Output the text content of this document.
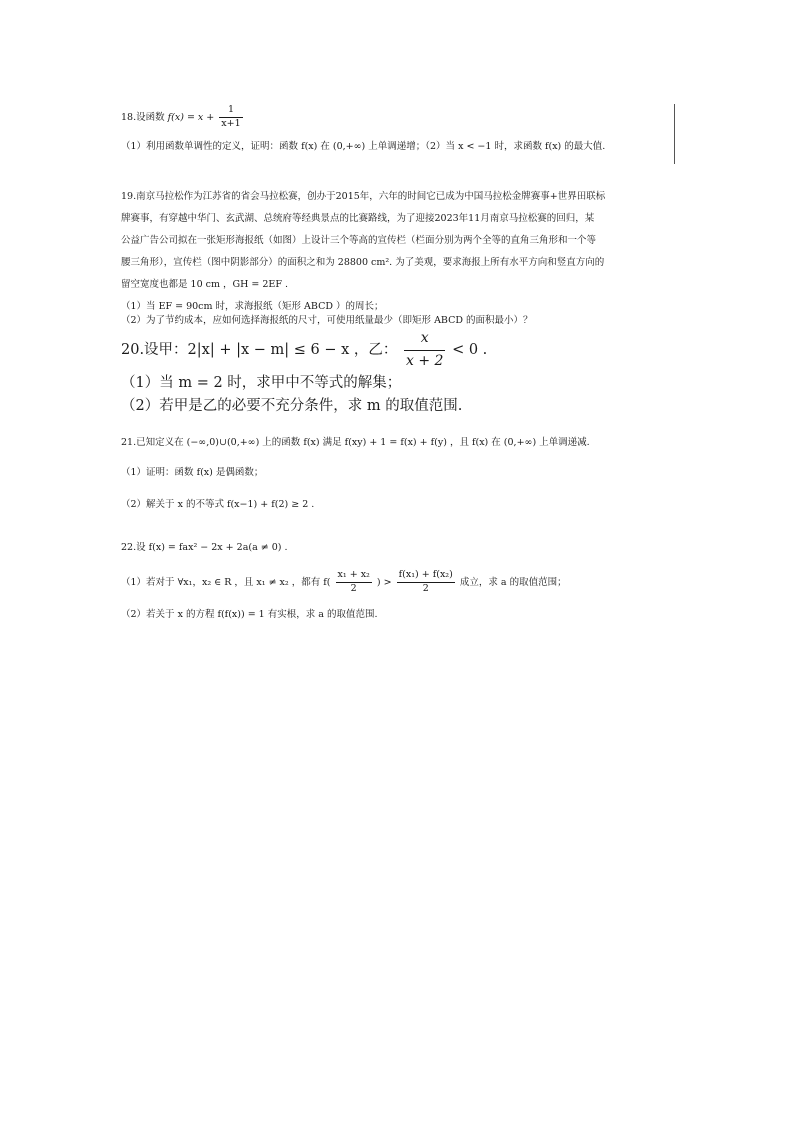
18.设函数 $f(x) = x + \frac{1}{x+1}$
（1）利用函数单调性的定义，证明：函数 f(x) 在 (0,+∞) 上单调递增；（2）当 x < −1 时，求函数 f(x) 的最大值.
19.南京马拉松作为江苏省的省会马拉松赛，创办于2015年，六年的时间它已成为中国马拉松金牌赛事+世界田联标
牌赛事，有穿越中华门、玄武湖、总统府等经典景点的比赛路线，为了迎接2023年11月南京马拉松赛的回归，某
公益广告公司拟在一张矩形海报纸（如图）上设计三个等高的宣传栏（栏面分别为两个全等的直角三角形和一个等
腰三角形），宣传栏（图中阴影部分）的面积之和为 28800 cm². 为了美观，要求海报上所有水平方向和竖直方向的
留空宽度也都是 10 cm ，GH = 2EF .
（1）当 EF = 90cm 时，求海报纸（矩形 ABCD ）的周长；
（2）为了节约成本，应如何选择海报纸的尺寸，可使用纸量最少（即矩形 ABCD 的面积最小）？
20.设甲：2|x| + |x − m| ≤ 6 − x ，乙： $\frac{x}{x + 2} < 0$ .
（1）当 m = 2 时，求甲中不等式的解集；
（2）若甲是乙的必要不充分条件，求 m 的取值范围.
21.已知定义在 (−∞,0)∪(0,+∞) 上的函数 f(x) 满足 f(xy) + 1 = f(x) + f(y) ，且 f(x) 在 (0,+∞) 上单调递减.
（1）证明：函数 f(x) 是偶函数；
（2）解关于 x 的不等式 f(x−1) + f(2) ≥ 2 .
22.设 f(x) = fax² − 2x + 2a(a ≠ 0) .
（1）若对于 ∀x₁，x₂ ∈ R ，且 x₁ ≠ x₂ ，都有 $f( \frac{\text{x₁ + x₂}}{2}$ ) > $\frac{\text{f(x₁) + f(x₂)}}{2}$ 成立，求 a 的取值范围；
（2）若关于 x 的方程 f(f(x)) = 1 有实根，求 a 的取值范围.
